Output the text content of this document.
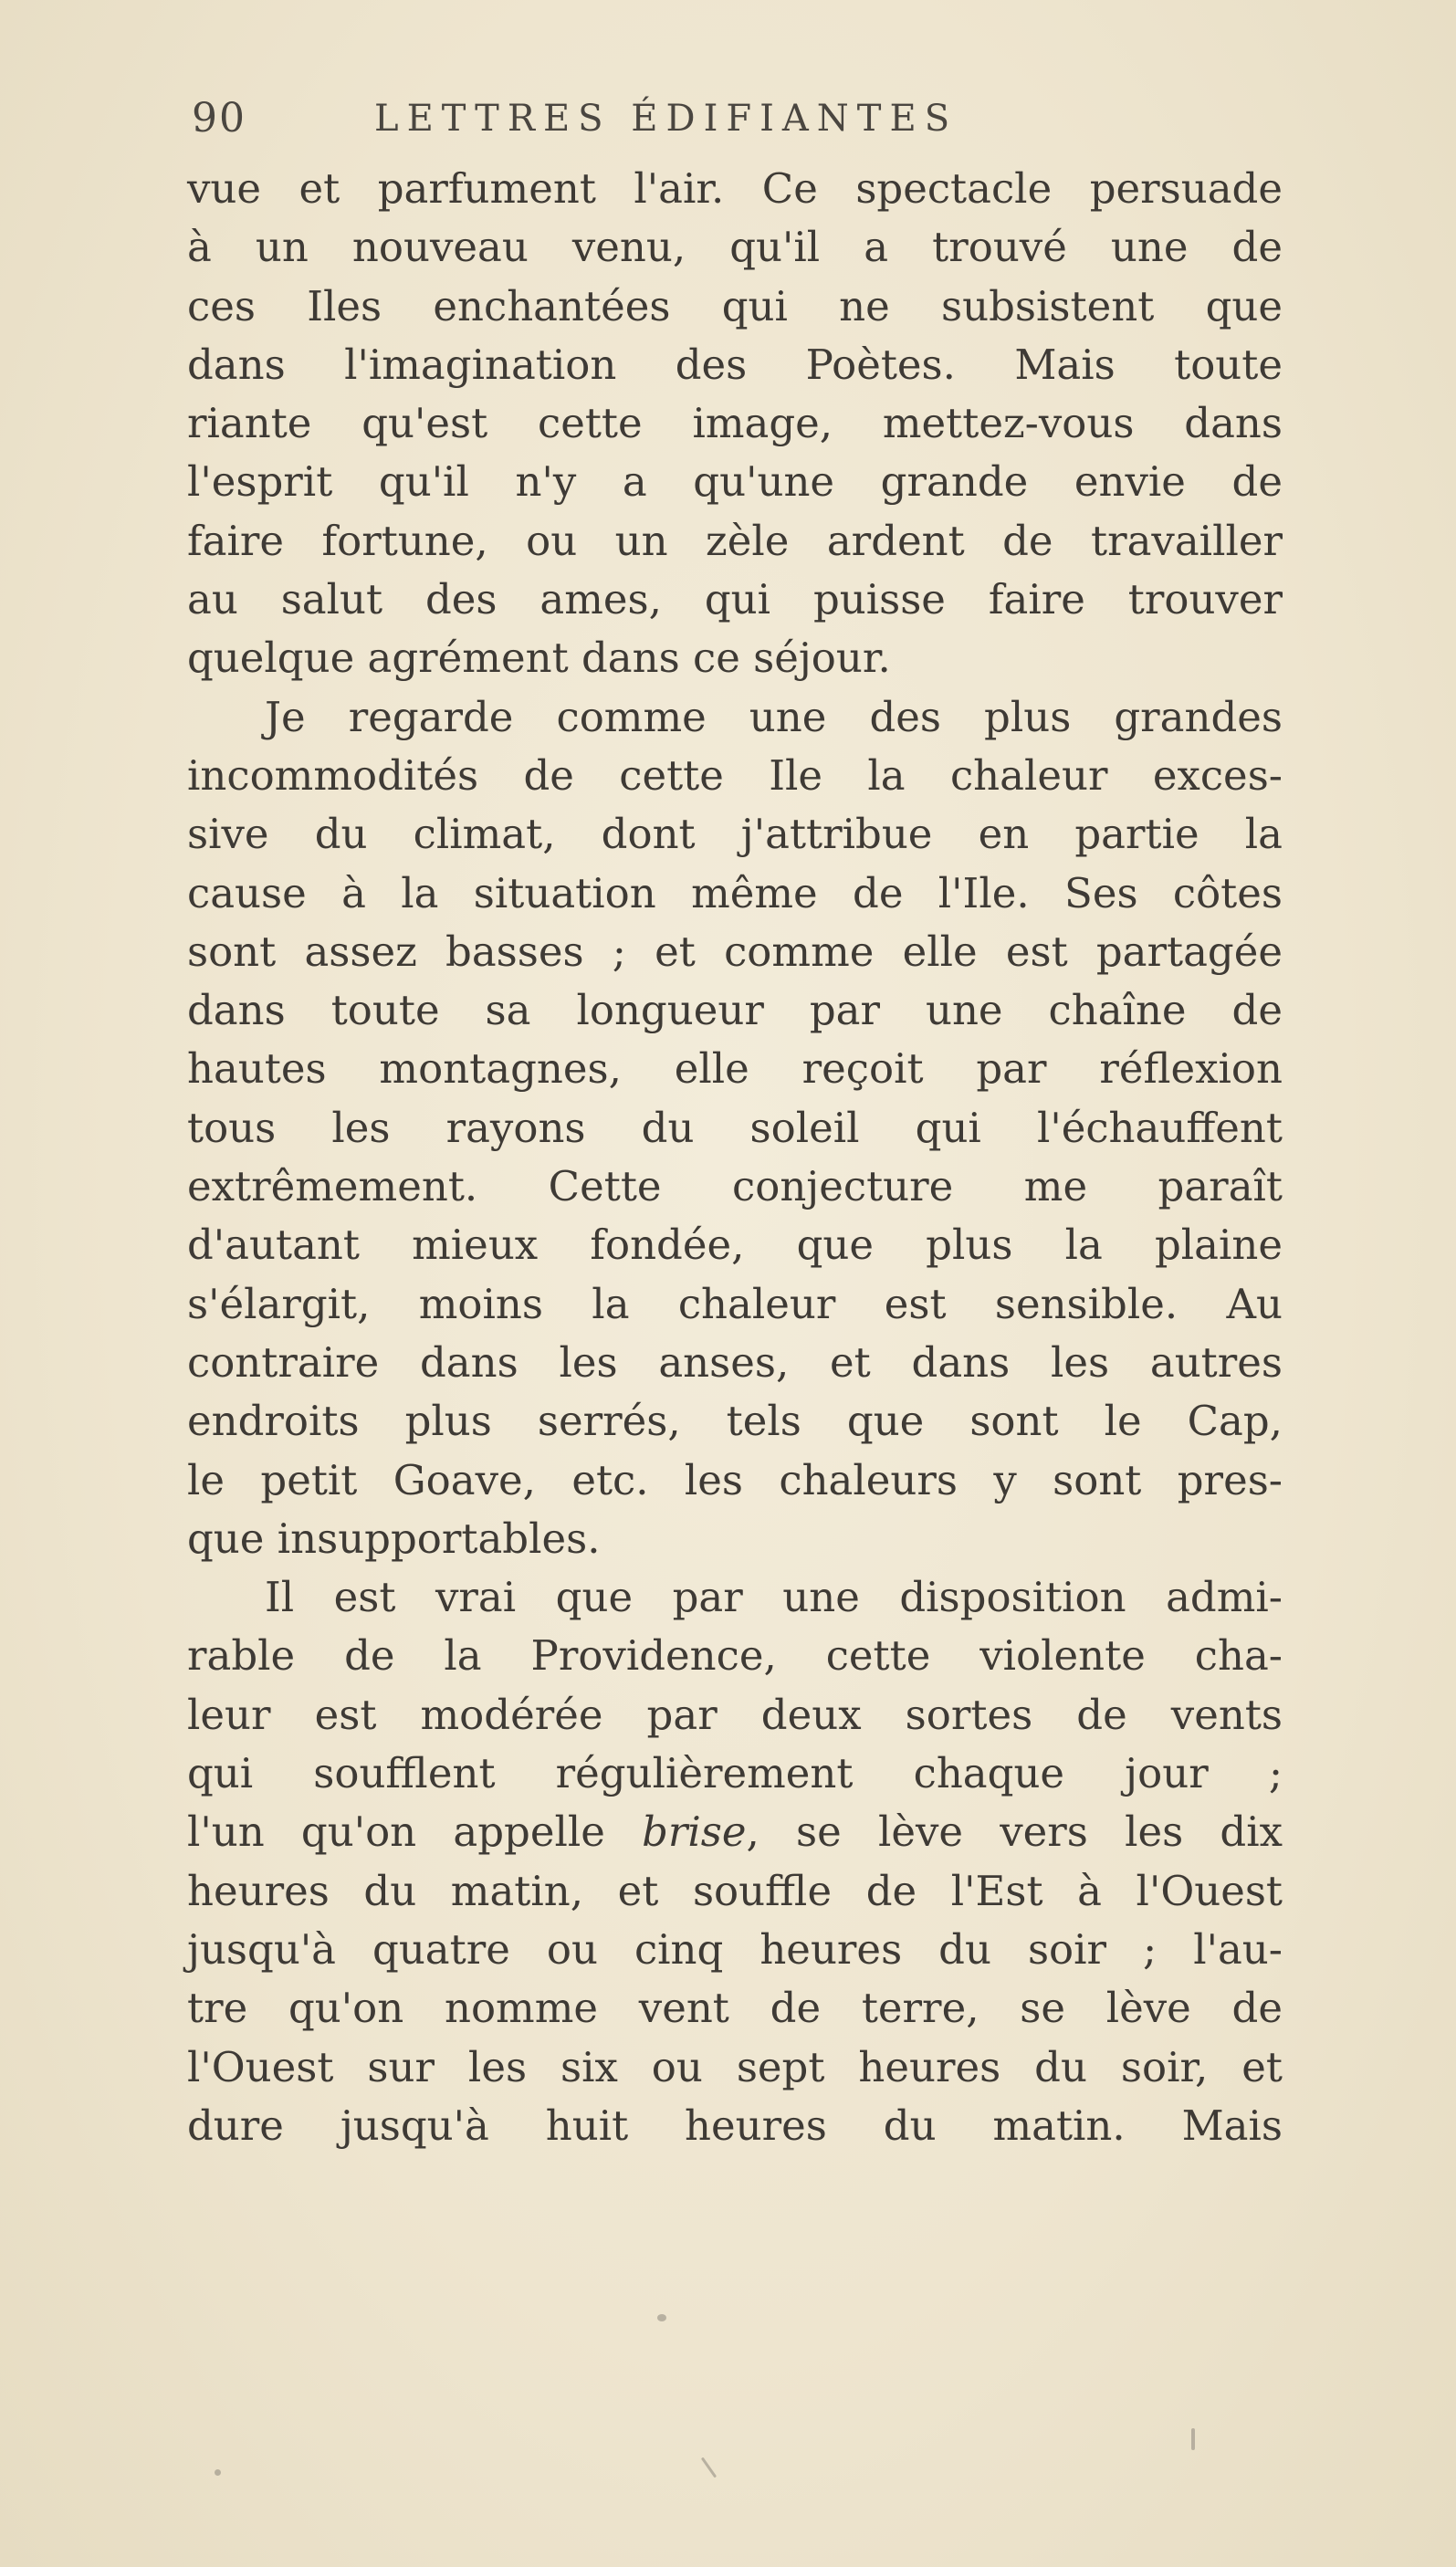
90	LETTRES ÉDIFIANTES
vue et parfument l'air. Ce spectacle persuade
à un nouveau venu, qu'il a trouvé une de
ces Iles enchantées qui ne subsistent que
dans l'imagination des Poètes. Mais toute
riante qu'est cette image, mettez-vous dans
l'esprit qu'il n'y a qu'une grande envie de
faire fortune, ou un zèle ardent de travailler
au salut des ames, qui puisse faire trouver
quelque agrément dans ce séjour.
Je regarde comme une des plus grandes
incommodités de cette Ile la chaleur exces-
sive du climat, dont j'attribue en partie la
cause à la situation même de l'Ile. Ses côtes
sont assez basses ; et comme elle est partagée
dans toute sa longueur par une chaîne de
hautes montagnes, elle reçoit par réflexion
tous les rayons du soleil qui l'échauffent
extrêmement. Cette conjecture me paraît
d'autant mieux fondée, que plus la plaine
s'élargit, moins la chaleur est sensible. Au
contraire dans les anses, et dans les autres
endroits plus serrés, tels que sont le Cap,
le petit Goave, etc. les chaleurs y sont pres-
que insupportables.
Il est vrai que par une disposition admi-
rable de la Providence, cette violente cha-
leur est modérée par deux sortes de vents
qui soufflent régulièrement chaque jour ;
l'un qu'on appelle brise, se lève vers les dix
heures du matin, et souffle de l'Est à l'Ouest
jusqu'à quatre ou cinq heures du soir ; l'au-
tre qu'on nomme vent de terre, se lève de
l'Ouest sur les six ou sept heures du soir, et
dure jusqu'à huit heures du matin. Mais
